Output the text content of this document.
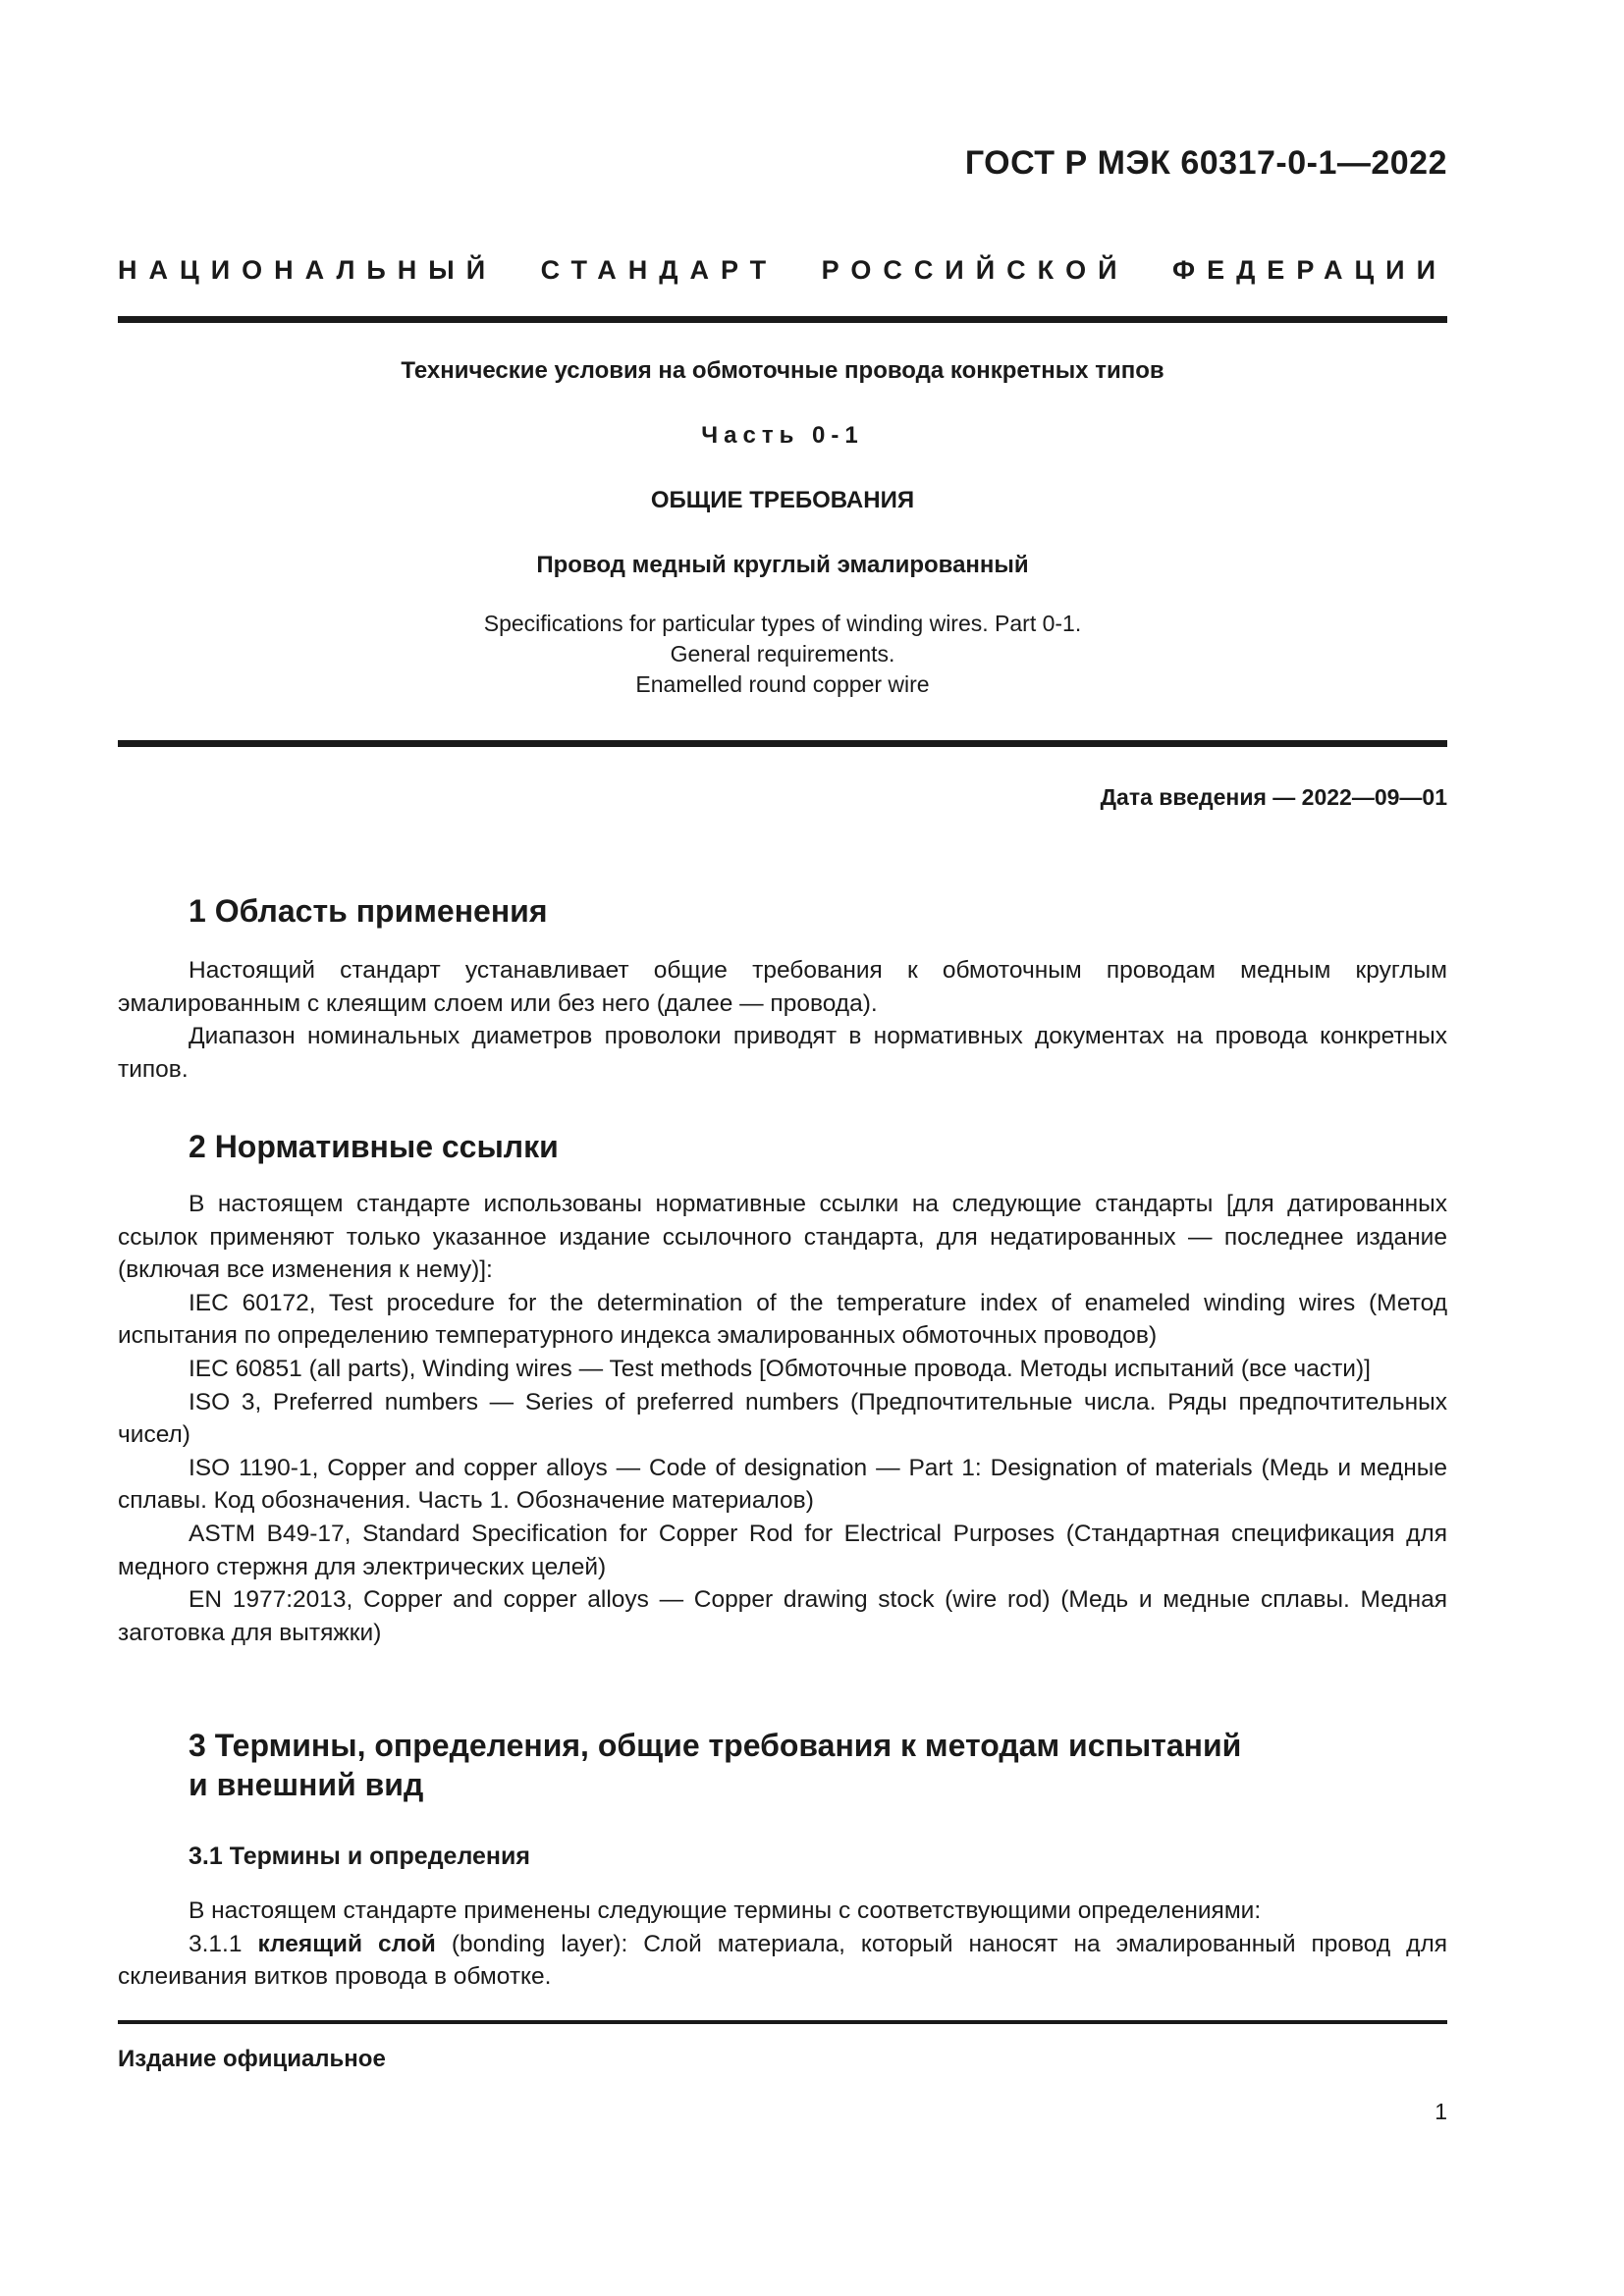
ГОСТ Р МЭК 60317-0-1—2022
НАЦИОНАЛЬНЫЙ СТАНДАРТ РОССИЙСКОЙ ФЕДЕРАЦИИ
Технические условия на обмоточные провода конкретных типов
Часть 0-1
ОБЩИЕ ТРЕБОВАНИЯ
Провод медный круглый эмалированный
Specifications for particular types of winding wires. Part 0-1.
General requirements.
Enamelled round copper wire
Дата введения — 2022—09—01
1 Область применения

Настоящий стандарт устанавливает общие требования к обмоточным проводам медным круглым эмалированным с клеящим слоем или без него (далее — провода).

Диапазон номинальных диаметров проволоки приводят в нормативных документах на провода конкретных типов.

2 Нормативные ссылки

В настоящем стандарте использованы нормативные ссылки на следующие стандарты [для датированных ссылок применяют только указанное издание ссылочного стандарта, для недатированных — последнее издание (включая все изменения к нему)]:

IEC 60172, Test procedure for the determination of the temperature index of enameled winding wires (Метод испытания по определению температурного индекса эмалированных обмоточных проводов)

IEC 60851 (all parts), Winding wires — Test methods [Обмоточные провода. Методы испытаний (все части)]

ISO 3, Preferred numbers — Series of preferred numbers (Предпочтительные числа. Ряды предпочтительных чисел)

ISO 1190-1, Copper and copper alloys — Code of designation — Part 1: Designation of materials (Медь и медные сплавы. Код обозначения. Часть 1. Обозначение материалов)

ASTM B49-17, Standard Specification for Copper Rod for Electrical Purposes (Стандартная спецификация для медного стержня для электрических целей)

EN 1977:2013, Copper and copper alloys — Copper drawing stock (wire rod) (Медь и медные сплавы. Медная заготовка для вытяжки)

3 Термины, определения, общие требования к методам испытаний
и внешний вид
3.1 Термины и определения

В настоящем стандарте применены следующие термины с соответствующими определениями:

3.1.1 клеящий слой (bonding layer): Слой материала, который наносят на эмалированный провод для склеивания витков провода в обмотке.

Издание официальное
1
